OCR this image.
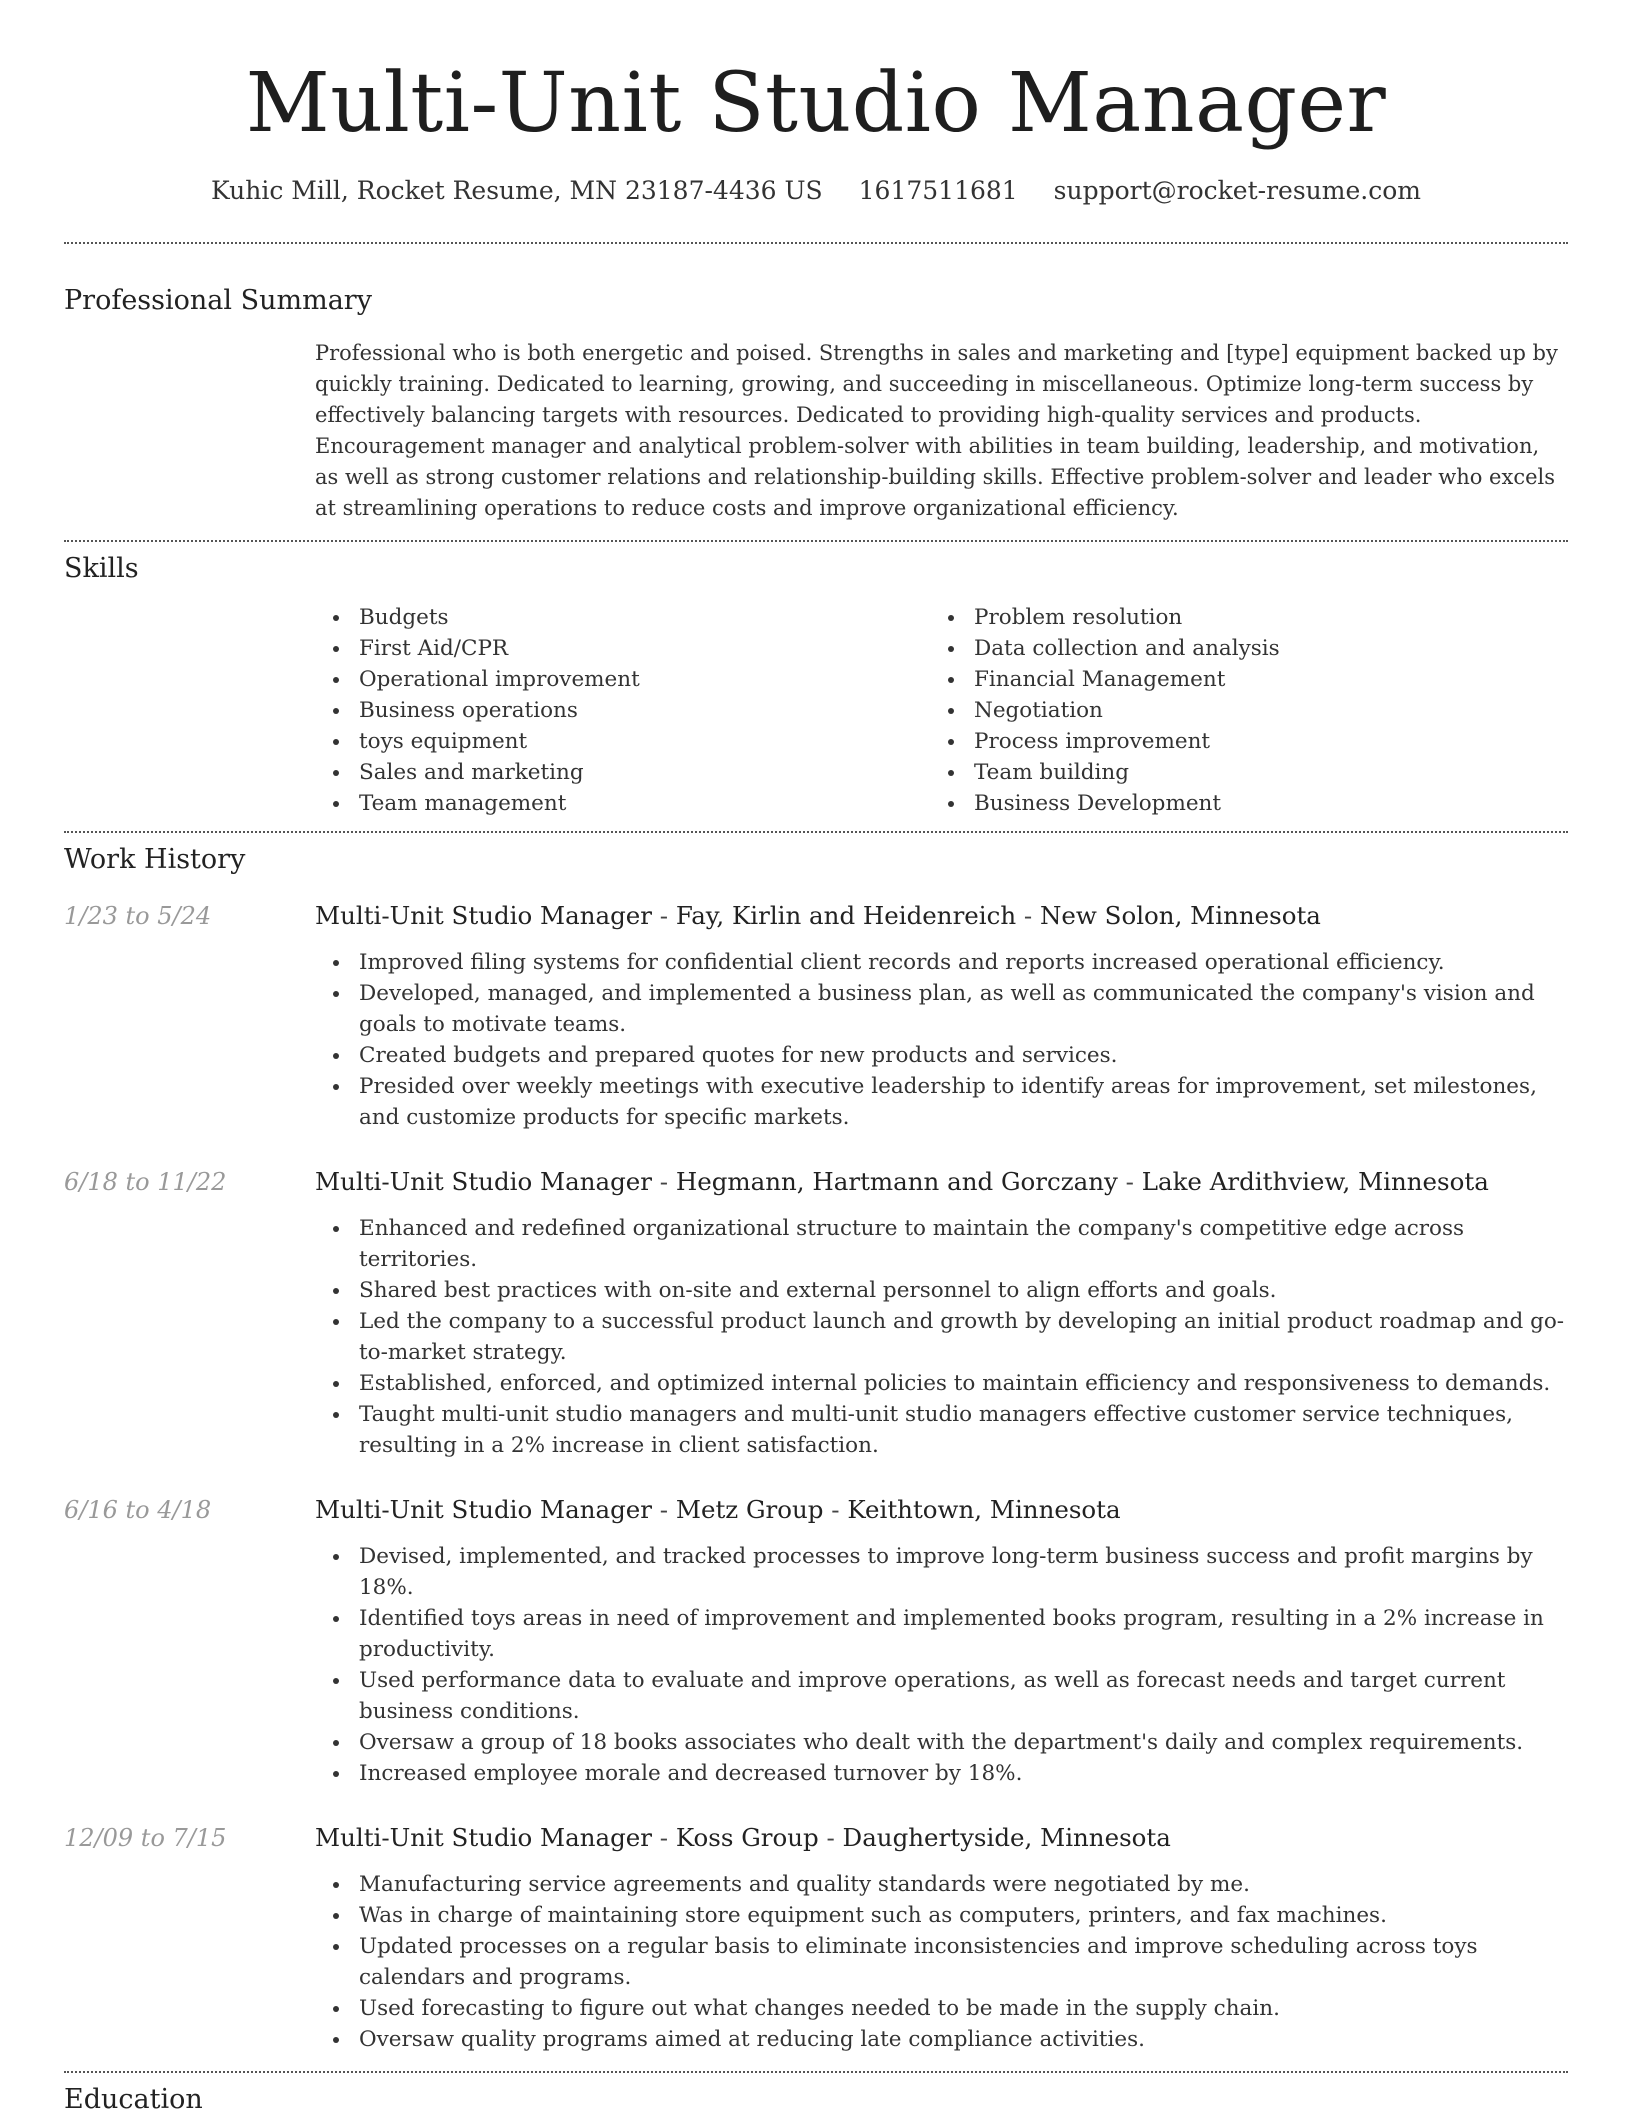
Multi-Unit Studio Manager
Kuhic Mill, Rocket Resume, MN 23187-4436 US 1617511681 support@rocket-resume.com
Professional Summary

Professional who is both energetic and poised. Strengths in sales and marketing and [type] equipment backed up by quickly training. Dedicated to learning, growing, and succeeding in miscellaneous. Optimize long-term success by effectively balancing targets with resources. Dedicated to providing high-quality services and products. Encouragement manager and analytical problem-solver with abilities in team building, leadership, and motivation, as well as strong customer relations and relationship-building skills. Effective problem-solver and leader who excels at streamlining operations to reduce costs and improve organizational efficiency.

Skills
Budgets
First Aid/CPR
Operational improvement
Business operations
toys equipment
Sales and marketing
Team management
Problem resolution
Data collection and analysis
Financial Management
Negotiation
Process improvement
Team building
Business Development
Work History
1/23 to 5/24	Multi-Unit Studio Manager - Fay, Kirlin and Heidenreich - New Solon, Minnesota
Improved filing systems for confidential client records and reports increased operational efficiency.
Developed, managed, and implemented a business plan, as well as communicated the company's vision and goals to motivate teams.
Created budgets and prepared quotes for new products and services.
Presided over weekly meetings with executive leadership to identify areas for improvement, set milestones, and customize products for specific markets.
6/18 to 11/22	Multi-Unit Studio Manager - Hegmann, Hartmann and Gorczany - Lake Ardithview, Minnesota
Enhanced and redefined organizational structure to maintain the company's competitive edge across territories.
Shared best practices with on-site and external personnel to align efforts and goals.
Led the company to a successful product launch and growth by developing an initial product roadmap and go-to-market strategy.
Established, enforced, and optimized internal policies to maintain efficiency and responsiveness to demands.
Taught multi-unit studio managers and multi-unit studio managers effective customer service techniques, resulting in a 2% increase in client satisfaction.
6/16 to 4/18	Multi-Unit Studio Manager - Metz Group - Keithtown, Minnesota
Devised, implemented, and tracked processes to improve long-term business success and profit margins by 18%.
Identified toys areas in need of improvement and implemented books program, resulting in a 2% increase in productivity.
Used performance data to evaluate and improve operations, as well as forecast needs and target current business conditions.
Oversaw a group of 18 books associates who dealt with the department's daily and complex requirements.
Increased employee morale and decreased turnover by 18%.
12/09 to 7/15	Multi-Unit Studio Manager - Koss Group - Daughertyside, Minnesota
Manufacturing service agreements and quality standards were negotiated by me.
Was in charge of maintaining store equipment such as computers, printers, and fax machines.
Updated processes on a regular basis to eliminate inconsistencies and improve scheduling across toys calendars and programs.
Used forecasting to figure out what changes needed to be made in the supply chain.
Oversaw quality programs aimed at reducing late compliance activities.
Education
